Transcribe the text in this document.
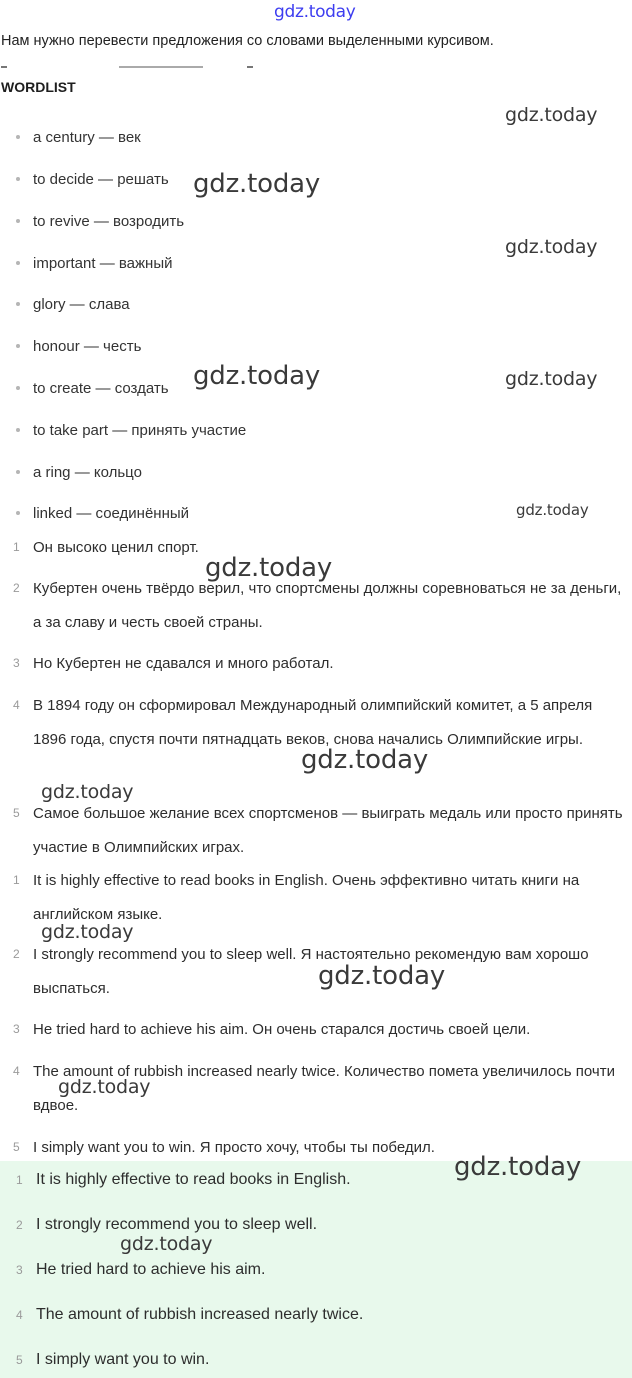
gdz.today
Нам нужно перевести предложения со словами выделенными курсивом.
WORDLIST
a century — век
to decide — решать
to revive — возродить
important — важный
glory — слава
honour — честь
to create — создать
to take part — принять участие
a ring — кольцо
linked — соединённый
1 Он высоко ценил спорт.
2 Кубертен очень твёрдо верил, что спортсмены должны соревноваться не за деньги, а за славу и честь своей страны.
3 Но Кубертен не сдавался и много работал.
4 В 1894 году он сформировал Международный олимпийский комитет, а 5 апреля 1896 года, спустя почти пятнадцать веков, снова начались Олимпийские игры.
5 Самое большое желание всех спортсменов — выиграть медаль или просто принять участие в Олимпийских играх.
1 It is highly effective to read books in English. Очень эффективно читать книги на английском языке.
2 I strongly recommend you to sleep well. Я настоятельно рекомендую вам хорошо выспаться.
3 He tried hard to achieve his aim. Он очень старался достичь своей цели.
4 The amount of rubbish increased nearly twice. Количество помета увеличилось почти вдвое.
5 I simply want you to win. Я просто хочу, чтобы ты победил.
1 It is highly effective to read books in English.
2 I strongly recommend you to sleep well.
3 He tried hard to achieve his aim.
4 The amount of rubbish increased nearly twice.
5 I simply want you to win.
gdz.today
gdz.today
gdz.today
gdz.today	gdz.today
gdz.today
gdz.today
gdz.today
gdz.today
gdz.today
gdz.today
gdz.today
gdz.today
gdz.today
